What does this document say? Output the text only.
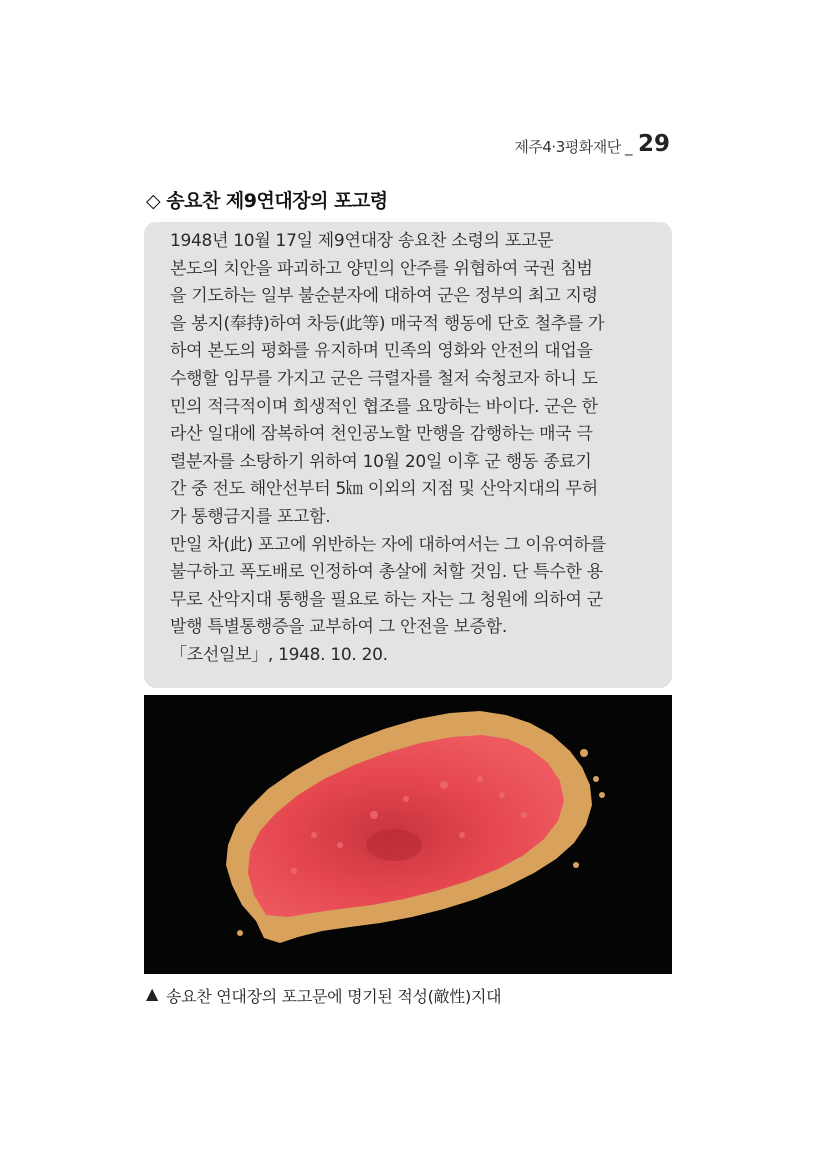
제주4·3평화재단 _ 29
◇ 송요찬 제9연대장의 포고령
1948년 10월 17일 제9연대장 송요찬 소령의 포고문
본도의 치안을 파괴하고 양민의 안주를 위협하여 국권 침범
을 기도하는 일부 불순분자에 대하여 군은 정부의 최고 지령
을 봉지(奉持)하여 차등(此等) 매국적 행동에 단호 철추를 가
하여 본도의 평화를 유지하며 민족의 영화와 안전의 대업을
수행할 임무를 가지고 군은 극렬자를 철저 숙청코자 하니 도
민의 적극적이며 희생적인 협조를 요망하는 바이다. 군은 한
라산 일대에 잠복하여 천인공노할 만행을 감행하는 매국 극
렬분자를 소탕하기 위하여 10월 20일 이후 군 행동 종료기
간 중 전도 해안선부터 5㎞ 이외의 지점 및 산악지대의 무허
가 통행금지를 포고함.
만일 차(此) 포고에 위반하는 자에 대하여서는 그 이유여하를
불구하고 폭도배로 인정하여 총살에 처할 것임. 단 특수한 용
무로 산악지대 통행을 필요로 하는 자는 그 청원에 의하여 군
발행 특별통행증을 교부하여 그 안전을 보증함.
「조선일보」, 1948. 10. 20.
▲ 송요찬 연대장의 포고문에 명기된 적성(敵性)지대
